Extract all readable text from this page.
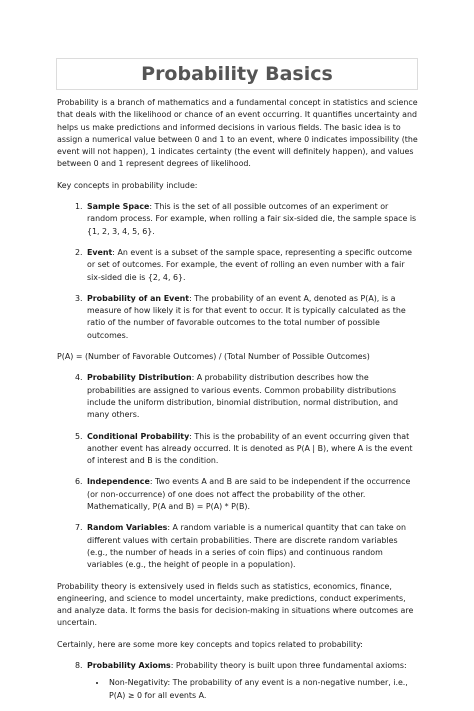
Probability Basics

Probability is a branch of mathematics and a fundamental concept in statistics and science that deals with the likelihood or chance of an event occurring. It quantifies uncertainty and helps us make predictions and informed decisions in various fields. The basic idea is to assign a numerical value between 0 and 1 to an event, where 0 indicates impossibility (the event will not happen), 1 indicates certainty (the event will definitely happen), and values between 0 and 1 represent degrees of likelihood.

Key concepts in probability include:

1. Sample Space: This is the set of all possible outcomes of an experiment or random process. For example, when rolling a fair six-sided die, the sample space is {1, 2, 3, 4, 5, 6}.
2. Event: An event is a subset of the sample space, representing a specific outcome or set of outcomes. For example, the event of rolling an even number with a fair six-sided die is {2, 4, 6}.
3. Probability of an Event: The probability of an event A, denoted as P(A), is a measure of how likely it is for that event to occur. It is typically calculated as the ratio of the number of favorable outcomes to the total number of possible outcomes.

P(A) = (Number of Favorable Outcomes) / (Total Number of Possible Outcomes)

4. Probability Distribution: A probability distribution describes how the probabilities are assigned to various events. Common probability distributions include the uniform distribution, binomial distribution, normal distribution, and many others.
5. Conditional Probability: This is the probability of an event occurring given that another event has already occurred. It is denoted as P(A | B), where A is the event of interest and B is the condition.
6. Independence: Two events A and B are said to be independent if the occurrence (or non-occurrence) of one does not affect the probability of the other. Mathematically, P(A and B) = P(A) * P(B).
7. Random Variables: A random variable is a numerical quantity that can take on different values with certain probabilities. There are discrete random variables (e.g., the number of heads in a series of coin flips) and continuous random variables (e.g., the height of people in a population).

Probability theory is extensively used in fields such as statistics, economics, finance, engineering, and science to model uncertainty, make predictions, conduct experiments, and analyze data. It forms the basis for decision-making in situations where outcomes are uncertain.

Certainly, here are some more key concepts and topics related to probability:

8. Probability Axioms: Probability theory is built upon three fundamental axioms:
• Non-Negativity: The probability of any event is a non-negative number, i.e., P(A) ≥ 0 for all events A.
